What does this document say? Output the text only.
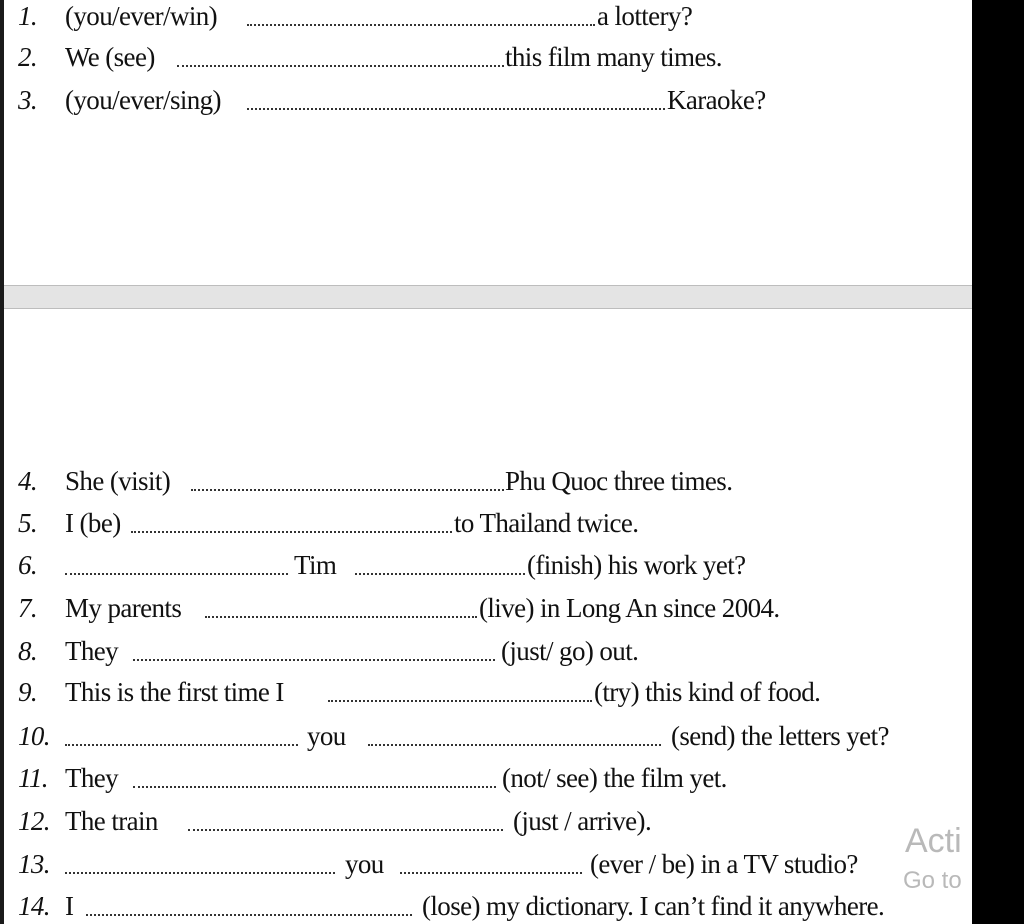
1. (you/ever/win)	a lottery?
2. We (see)	this film many times.
3. (you/ever/sing)	Karaoke?
4. She (visit)	Phu Quoc three times.
5. I (be)	to Thailand twice.
6.	Tim	(finish) his work yet?
7. My parents	(live) in Long An since 2004.
8. They	(just/ go) out.
9. This is the first time I	(try) this kind of food.
10.	you	(send) the letters yet?
11. They	(not/ see) the film yet.
12. The train	(just / arrive).
13.	you	(ever / be) in a TV studio?
14. I	(lose) my dictionary. I can’t find it anywhere.
Acti
Go to
